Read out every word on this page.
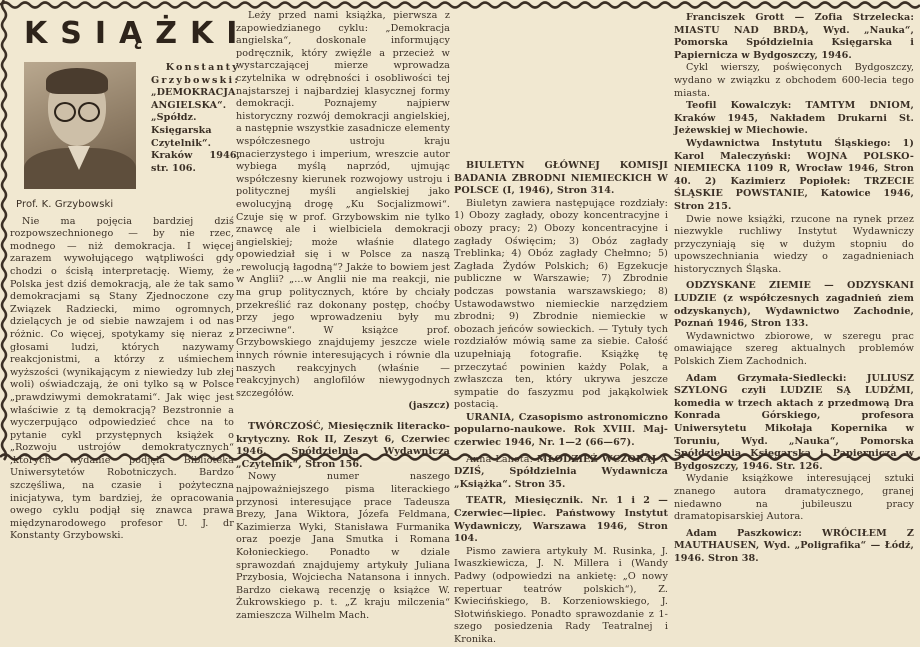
KSIĄŻKI
Prof. K. Grzybowski
Konstanty Grzybowski:
„DEMOKRACJA ANGIELSKA“.
„Spółdz. Księgarska Czytelnik“. Kraków 1946, str. 106.

Nie ma pojęcia bardziej dziś rozpowszechnionego — by nie rzec, modnego — niż demokracja. I więcej zarazem wywołującego wątpliwości gdy chodzi o ścisłą interpretację. Wiemy, że Polska jest dziś demokracją, ale że tak samo demokracjami są Stany Zjednoczone czy Związek Radziecki, mimo ogromnych, dzielących je od siebie nawzajem i od nas różnic. Co więcej, spotykamy się nieraz z głosami ludzi, których nazywamy reakcjonistmi, a którzy z uśmiechem wyższości (wynikającym z niewiedzy lub złej woli) oświadczają, że oni tylko są w Polsce „prawdziwymi demokratami“. Jak więc jest właściwie z tą demokracją? Bezstronnie a wyczerpująco odpowiedzieć chce na to pytanie cykl przystępnych książek o „Rozwoju ustrojów demokratycznych“ ,których wydanie podjęła Biblioteka Uniwersytetów Robotniczych. Bardzo szczęśliwa, na czasie i pożyteczna inicjatywa, tym bardziej, że opracowania owego cyklu podjął się znawca prawa międzynarodowego profesor U. J. dr Konstanty Grzybowski.

Leży przed nami książka, pierwsza z zapowiedzianego cyklu: „Demokracja angielska“, doskonale informujący podręcznik, który zwięźle a przecież w wystarczającej mierze wprowadza czytelnika w odrębności i osobliwości tej najstarszej i najbardziej klasycznej formy demokracji. Poznajemy najpierw historyczny rozwój demokracji angielskiej, a następnie wszystkie zasadnicze elementy współczesnego ustroju kraju macierzystego i imperium, wreszcie autor wybiega myślą naprzód, ujmując współczesny kierunek rozwojowy ustroju i politycznej myśli angielskiej jako ewolucyjną drogę „Ku Socjalizmowi“. Czuje się w prof. Grzybowskim nie tylko znawcę ale i wielbiciela demokracji angielskiej; może właśnie dlatego opowiedział się i w Polsce za naszą „rewolucją łagodną“? Jakże to bowiem jest w Anglii? „...w Anglii nie ma reakcji, nie ma grup politycznych, które by chciały przekreślić raz dokonany postęp, choćby przy jego wprowadzeniu były mu przeciwne“. W książce prof. Grzybowskiego znajdujemy jeszcze wiele innych równie interesujących i równie dla naszych reakcyjnych (właśnie — reakcyjnych) anglofilów niewygodnych szczegółów.

(jaszcz)

TWÓRCZOŚĆ, Miesięcznik literacko-krytyczny. Rok II, Zeszyt 6, Czerwiec 1946. Spółdzielnia Wydawnicza „Czytelnik“, Stron 156.

Nowy numer naszego najpoważniejszego pisma literackiego przynosi interesujące prace Tadeusza Brezy, Jana Wiktora, Józefa Feldmana, Kazimierza Wyki, Stanisława Furmanika oraz poezje Jana Smutka i Romana Kołonieckiego. Ponadto w dziale sprawozdań znajdujemy artykuły Juliana Przybosia, Wojciecha Natansona i innych. Bardzo ciekawą recenzję o książce W. Żukrowskiego p. t. „Z kraju milczenia“ zamieszcza Wilhelm Mach.

BIULETYN GŁÓWNEJ KOMISJI BADANIA ZBRODNI NIEMIECKICH W POLSCE (I, 1946), Stron 314.

Biuletyn zawiera następujące rozdziały: 1) Obozy zagłady, obozy koncentracyjne i obozy pracy; 2) Obozy koncentracyjne i zagłady Oświęcim; 3) Obóz zagłady Treblinka; 4) Obóz zagłady Chełmno; 5) Zagłada Żydów Polskich; 6) Egzekucje publiczne w Warszawie; 7) Zbrodnie podczas powstania warszawskiego; 8) Ustawodawstwo niemieckie narzędziem zbrodni; 9) Zbrodnie niemieckie w obozach jeńców sowieckich. — Tytuły tych rozdziałów mówią same za siebie. Całość uzupełniają fotografie. Książkę tę przeczytać powinien każdy Polak, a zwłaszcza ten, który ukrywa jeszcze sympatie do faszyzmu pod jakąkolwiek postacią.

URANIA, Czasopismo astronomiczno popularno-naukowe. Rok XVIII. Maj-czerwiec 1946, Nr. 1—2 (66—67).

Anna Lanota: MŁODZIEŻ WCZORAJ A DZIŚ, Spółdzielnia Wydawnicza „Książka“. Stron 35.

TEATR, Miesięcznik. Nr. 1 i 2 — Czerwiec—lipiec. Państwowy Instytut Wydawniczy, Warszawa 1946, Stron 104.

Pismo zawiera artykuły M. Rusinka, J. Iwaszkiewicza, J. N. Millera i (Wandy Padwy (odpowiedzi na ankietę: „O nowy repertuar teatrów polskich“), Z. Kwiecińskiego, B. Korzeniowskiego, J. Słotwińskiego. Ponadto sprawozdanie z 1-szego posiedzenia Rady Teatralnej i Kronika.

Franciszek Grott — Zofia Strzelecka: MIASTU NAD BRDĄ, Wyd. „Nauka“, Pomorska Spółdzielnia Księgarska i Papiernicza w Bydgoszczy, 1946.

Cykl wierszy, poświęconych Bydgoszczy, wydano w związku z obchodem 600-lecia tego miasta.

Teofil Kowalczyk: TAMTYM DNIOM, Kraków 1945, Nakładem Drukarni St. Jeżewskiej w Miechowie.

Wydawnictwa Instytutu Śląskiego: 1) Karol Maleczyński: WOJNA POLSKO-NIEMIECKA 1109 R, Wrocław 1946, Stron 40. 2) Kazimierz Popiołek: TRZECIE ŚLĄSKIE POWSTANIE, Katowice 1946, Stron 215.

Dwie nowe książki, rzucone na rynek przez niezwykle ruchliwy Instytut Wydawniczy przyczyniają się w dużym stopniu do upowszechniania wiedzy o zagadnieniach historycznych Śląska.

ODZYSKANE ZIEMIE — ODZYSKANI LUDZIE (z współczesnych zagadnień ziem odzyskanych), Wydawnictwo Zachodnie, Poznań 1946, Stron 133.

Wydawnictwo zbiorowe, w szeregu prac omawiające szereg aktualnych problemów Polskich Ziem Zachodnich.

Adam Grzymała-Siedlecki: JULIUSZ SZYLONG czyli LUDZIE SĄ LUDŹMI, komedia w trzech aktach z przedmową Dra Konrada Górskiego, profesora Uniwersytetu Mikołaja Kopernika w Toruniu, Wyd. „Nauka“, Pomorska Spółdzielnia Księgarska i Papiernicza w Bydgoszczy, 1946. Str. 126.

Wydanie książkowe interesującej sztuki znanego autora dramatycznego, granej niedawno na jubileuszu pracy dramatopisarskiej Autora.

Adam Paszkowicz: WRÓCIŁEM Z MAUTHAUSEN, Wyd. „Poligrafika“ — Łódź, 1946. Stron 38.
